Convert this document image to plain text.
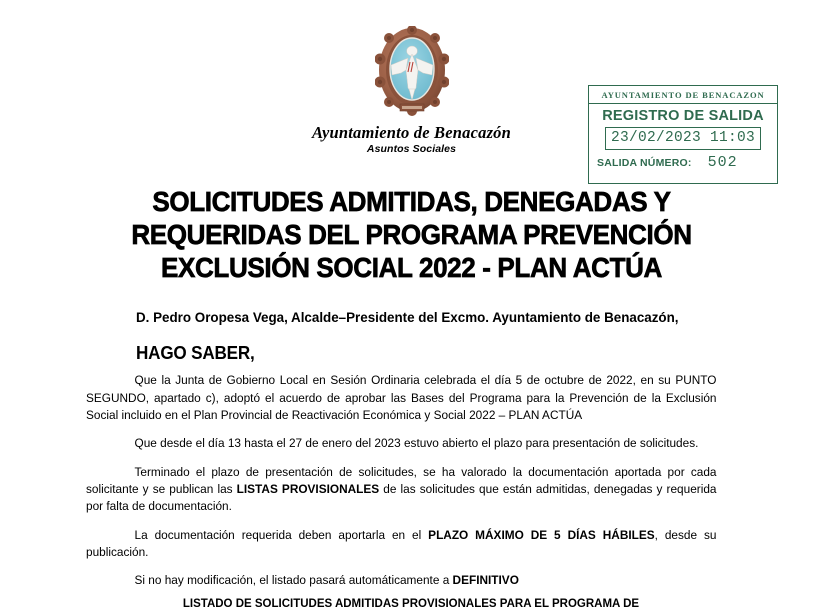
Ayuntamiento de Benacazón
Asuntos Sociales
AYUNTAMIENTO DE BENACAZON
REGISTRO DE SALIDA
23/02/2023 11:03
SALIDA NÚMERO: 502
SOLICITUDES ADMITIDAS, DENEGADAS Y
REQUERIDAS DEL PROGRAMA PREVENCIÓN
EXCLUSIÓN SOCIAL 2022 - PLAN ACTÚA

D. Pedro Oropesa Vega, Alcalde–Presidente del Excmo. Ayuntamiento de Benacazón,

HAGO SABER,

Que la Junta de Gobierno Local en Sesión Ordinaria celebrada el día 5 de octubre de 2022, en su PUNTO SEGUNDO, apartado c), adoptó el acuerdo de aprobar las Bases del Programa para la Prevención de la Exclusión Social incluido en el Plan Provincial de Reactivación Económica y Social 2022 – PLAN ACTÚA

Que desde el día 13 hasta el 27 de enero del 2023 estuvo abierto el plazo para presentación de solicitudes.

Terminado el plazo de presentación de solicitudes, se ha valorado la documentación aportada por cada solicitante y se publican las LISTAS PROVISIONALES de las solicitudes que están admitidas, denegadas y requerida por falta de documentación.

La documentación requerida deben aportarla en el PLAZO MÁXIMO DE 5 DÍAS HÁBILES, desde su publicación.

Si no hay modificación, el listado pasará automáticamente a DEFINITIVO

LISTADO DE SOLICITUDES ADMITIDAS PROVISIONALES PARA EL PROGRAMA DE
